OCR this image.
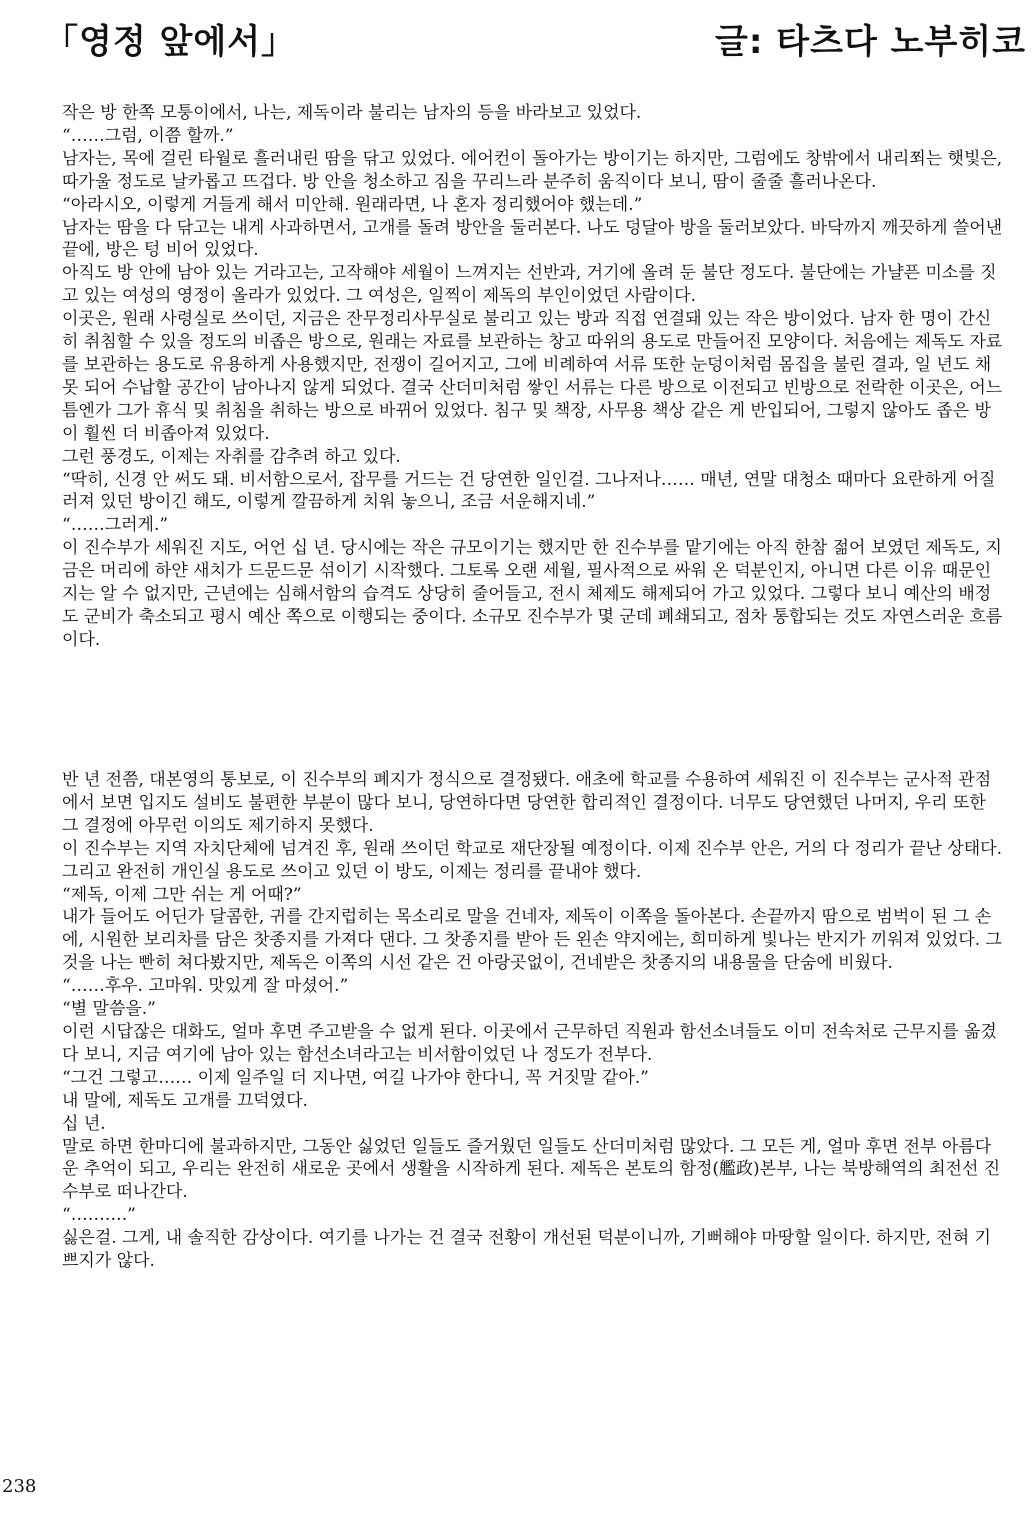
「영정 앞에서」	글: 타츠다 노부히코

작은 방 한쪽 모퉁이에서, 나는, 제독이라 불리는 남자의 등을 바라보고 있었다.

“……그럼, 이쯤 할까.”

남자는, 목에 걸린 타월로 흘러내린 땀을 닦고 있었다. 에어컨이 돌아가는 방이기는 하지만, 그럼에도 창밖에서 내리쬐는 햇빛은, 따가울 정도로 날카롭고 뜨겁다. 방 안을 청소하고 짐을 꾸리느라 분주히 움직이다 보니, 땀이 줄줄 흘러나온다.

“아라시오, 이렇게 거들게 해서 미안해. 원래라면, 나 혼자 정리했어야 했는데.”

남자는 땀을 다 닦고는 내게 사과하면서, 고개를 돌려 방안을 둘러본다. 나도 덩달아 방을 둘러보았다. 바닥까지 깨끗하게 쓸어낸 끝에, 방은 텅 비어 있었다.

아직도 방 안에 남아 있는 거라고는, 고작해야 세월이 느껴지는 선반과, 거기에 올려 둔 불단 정도다. 불단에는 가냘픈 미소를 짓고 있는 여성의 영정이 올라가 있었다. 그 여성은, 일찍이 제독의 부인이었던 사람이다.

이곳은, 원래 사령실로 쓰이던, 지금은 잔무정리사무실로 불리고 있는 방과 직접 연결돼 있는 작은 방이었다. 남자 한 명이 간신히 취침할 수 있을 정도의 비좁은 방으로, 원래는 자료를 보관하는 창고 따위의 용도로 만들어진 모양이다. 처음에는 제독도 자료를 보관하는 용도로 유용하게 사용했지만, 전쟁이 길어지고, 그에 비례하여 서류 또한 눈덩이처럼 몸집을 불린 결과, 일 년도 채 못 되어 수납할 공간이 남아나지 않게 되었다. 결국 산더미처럼 쌓인 서류는 다른 방으로 이전되고 빈방으로 전락한 이곳은, 어느 틈엔가 그가 휴식 및 취침을 취하는 방으로 바뀌어 있었다. 침구 및 책장, 사무용 책상 같은 게 반입되어, 그렇지 않아도 좁은 방이 훨씬 더 비좁아져 있었다.

그런 풍경도, 이제는 자취를 감추려 하고 있다.

“딱히, 신경 안 써도 돼. 비서함으로서, 잡무를 거드는 건 당연한 일인걸. 그나저나…… 매년, 연말 대청소 때마다 요란하게 어질러져 있던 방이긴 해도, 이렇게 깔끔하게 치워 놓으니, 조금 서운해지네.”

“……그러게.”

이 진수부가 세워진 지도, 어언 십 년. 당시에는 작은 규모이기는 했지만 한 진수부를 맡기에는 아직 한참 젊어 보였던 제독도, 지금은 머리에 하얀 새치가 드문드문 섞이기 시작했다. 그토록 오랜 세월, 필사적으로 싸워 온 덕분인지, 아니면 다른 이유 때문인지는 알 수 없지만, 근년에는 심해서함의 습격도 상당히 줄어들고, 전시 체제도 해제되어 가고 있었다. 그렇다 보니 예산의 배정도 군비가 축소되고 평시 예산 쪽으로 이행되는 중이다. 소규모 진수부가 몇 군데 폐쇄되고, 점차 통합되는 것도 자연스러운 흐름이다.

반 년 전쯤, 대본영의 통보로, 이 진수부의 폐지가 정식으로 결정됐다. 애초에 학교를 수용하여 세워진 이 진수부는 군사적 관점에서 보면 입지도 설비도 불편한 부분이 많다 보니, 당연하다면 당연한 합리적인 결정이다. 너무도 당연했던 나머지, 우리 또한 그 결정에 아무런 이의도 제기하지 못했다.

이 진수부는 지역 자치단체에 넘겨진 후, 원래 쓰이던 학교로 재단장될 예정이다. 이제 진수부 안은, 거의 다 정리가 끝난 상태다. 그리고 완전히 개인실 용도로 쓰이고 있던 이 방도, 이제는 정리를 끝내야 했다.

“제독, 이제 그만 쉬는 게 어때?”

내가 들어도 어딘가 달콤한, 귀를 간지럽히는 목소리로 말을 건네자, 제독이 이쪽을 돌아본다. 손끝까지 땀으로 범벅이 된 그 손에, 시원한 보리차를 담은 찻종지를 가져다 댄다. 그 찻종지를 받아 든 왼손 약지에는, 희미하게 빛나는 반지가 끼워져 있었다. 그것을 나는 빤히 쳐다봤지만, 제독은 이쪽의 시선 같은 건 아랑곳없이, 건네받은 찻종지의 내용물을 단숨에 비웠다.

“……후우. 고마워. 맛있게 잘 마셨어.”

“별 말씀을.”

이런 시답잖은 대화도, 얼마 후면 주고받을 수 없게 된다. 이곳에서 근무하던 직원과 함선소녀들도 이미 전속처로 근무지를 옮겼다 보니, 지금 여기에 남아 있는 함선소녀라고는 비서함이었던 나 정도가 전부다.

“그건 그렇고…… 이제 일주일 더 지나면, 여길 나가야 한다니, 꼭 거짓말 같아.”

내 말에, 제독도 고개를 끄덕였다.

십 년.

말로 하면 한마디에 불과하지만, 그동안 싫었던 일들도 즐거웠던 일들도 산더미처럼 많았다. 그 모든 게, 얼마 후면 전부 아름다운 추억이 되고, 우리는 완전히 새로운 곳에서 생활을 시작하게 된다. 제독은 본토의 함정(艦政)본부, 나는 북방해역의 최전선 진수부로 떠나간다.

“……….”

싫은걸. 그게, 내 솔직한 감상이다. 여기를 나가는 건 결국 전황이 개선된 덕분이니까, 기뻐해야 마땅할 일이다. 하지만, 전혀 기쁘지가 않다.

238
